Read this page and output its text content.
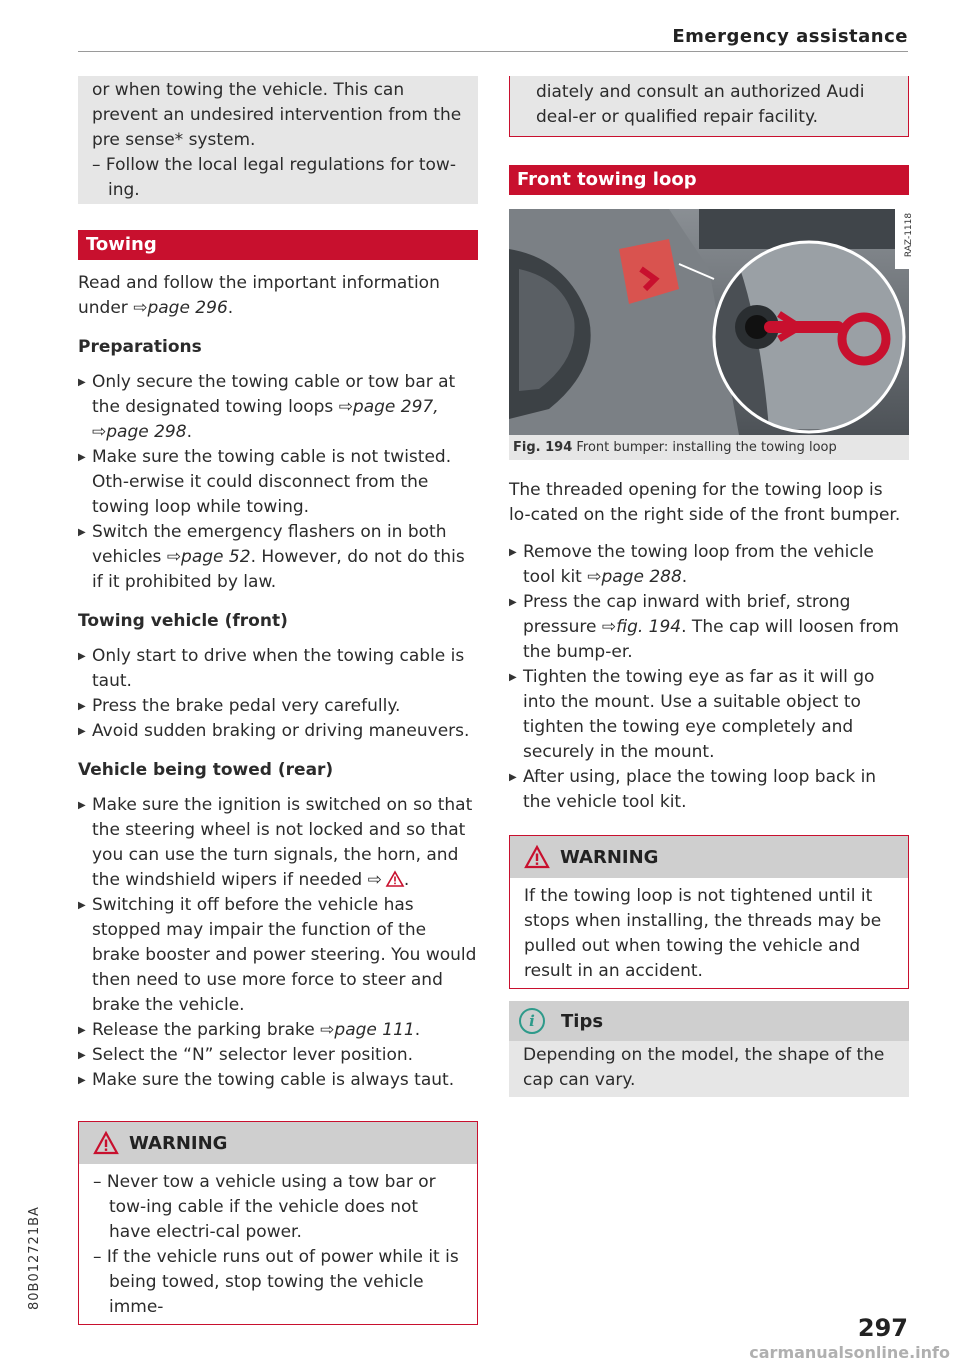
Emergency assistance

or when towing the vehicle. This can prevent an undesired intervention from the pre sense* system.

– Follow the local legal regulations for tow-ing.

Towing

Read and follow the important information under ⇨page 296.

Preparations
▶ Only secure the towing cable or tow bar at the designated towing loops ⇨page 297, ⇨page 298.
▶ Make sure the towing cable is not twisted. Oth-erwise it could disconnect from the towing loop while towing.
▶ Switch the emergency flashers on in both vehicles ⇨page 52. However, do not do this if it prohibited by law.
Towing vehicle (front)
▶ Only start to drive when the towing cable is taut.
▶ Press the brake pedal very carefully.
▶ Avoid sudden braking or driving maneuvers.
Vehicle being towed (rear)
▶ Make sure the ignition is switched on so that the steering wheel is not locked and so that you can use the turn signals, the horn, and the windshield wipers if needed ⇨ .
▶ Switching it off before the vehicle has stopped may impair the function of the brake booster and power steering. You would then need to use more force to steer and brake the vehicle.
▶ Release the parking brake ⇨page 111.
▶ Select the “N” selector lever position.
▶ Make sure the towing cable is always taut.
WARNING

– Never tow a vehicle using a tow bar or tow-ing cable if the vehicle does not have electri-cal power.

– If the vehicle runs out of power while it is being towed, stop towing the vehicle imme-

diately and consult an authorized Audi deal-er or qualified repair facility.

Front towing loop
RAZ-1118
Fig. 194 Front bumper: installing the towing loop

The threaded opening for the towing loop is lo-cated on the right side of the front bumper.

▶ Remove the towing loop from the vehicle tool kit ⇨page 288.
▶ Press the cap inward with brief, strong pressure ⇨fig. 194. The cap will loosen from the bump-er.
▶ Tighten the towing eye as far as it will go into the mount. Use a suitable object to tighten the towing eye completely and securely in the mount.
▶ After using, place the towing loop back in the vehicle tool kit.
WARNING

If the towing loop is not tightened until it stops when installing, the threads may be pulled out when towing the vehicle and result in an accident.

i	Tips

Depending on the model, the shape of the cap can vary.

80B012721BA
297
carmanualsonline.info
